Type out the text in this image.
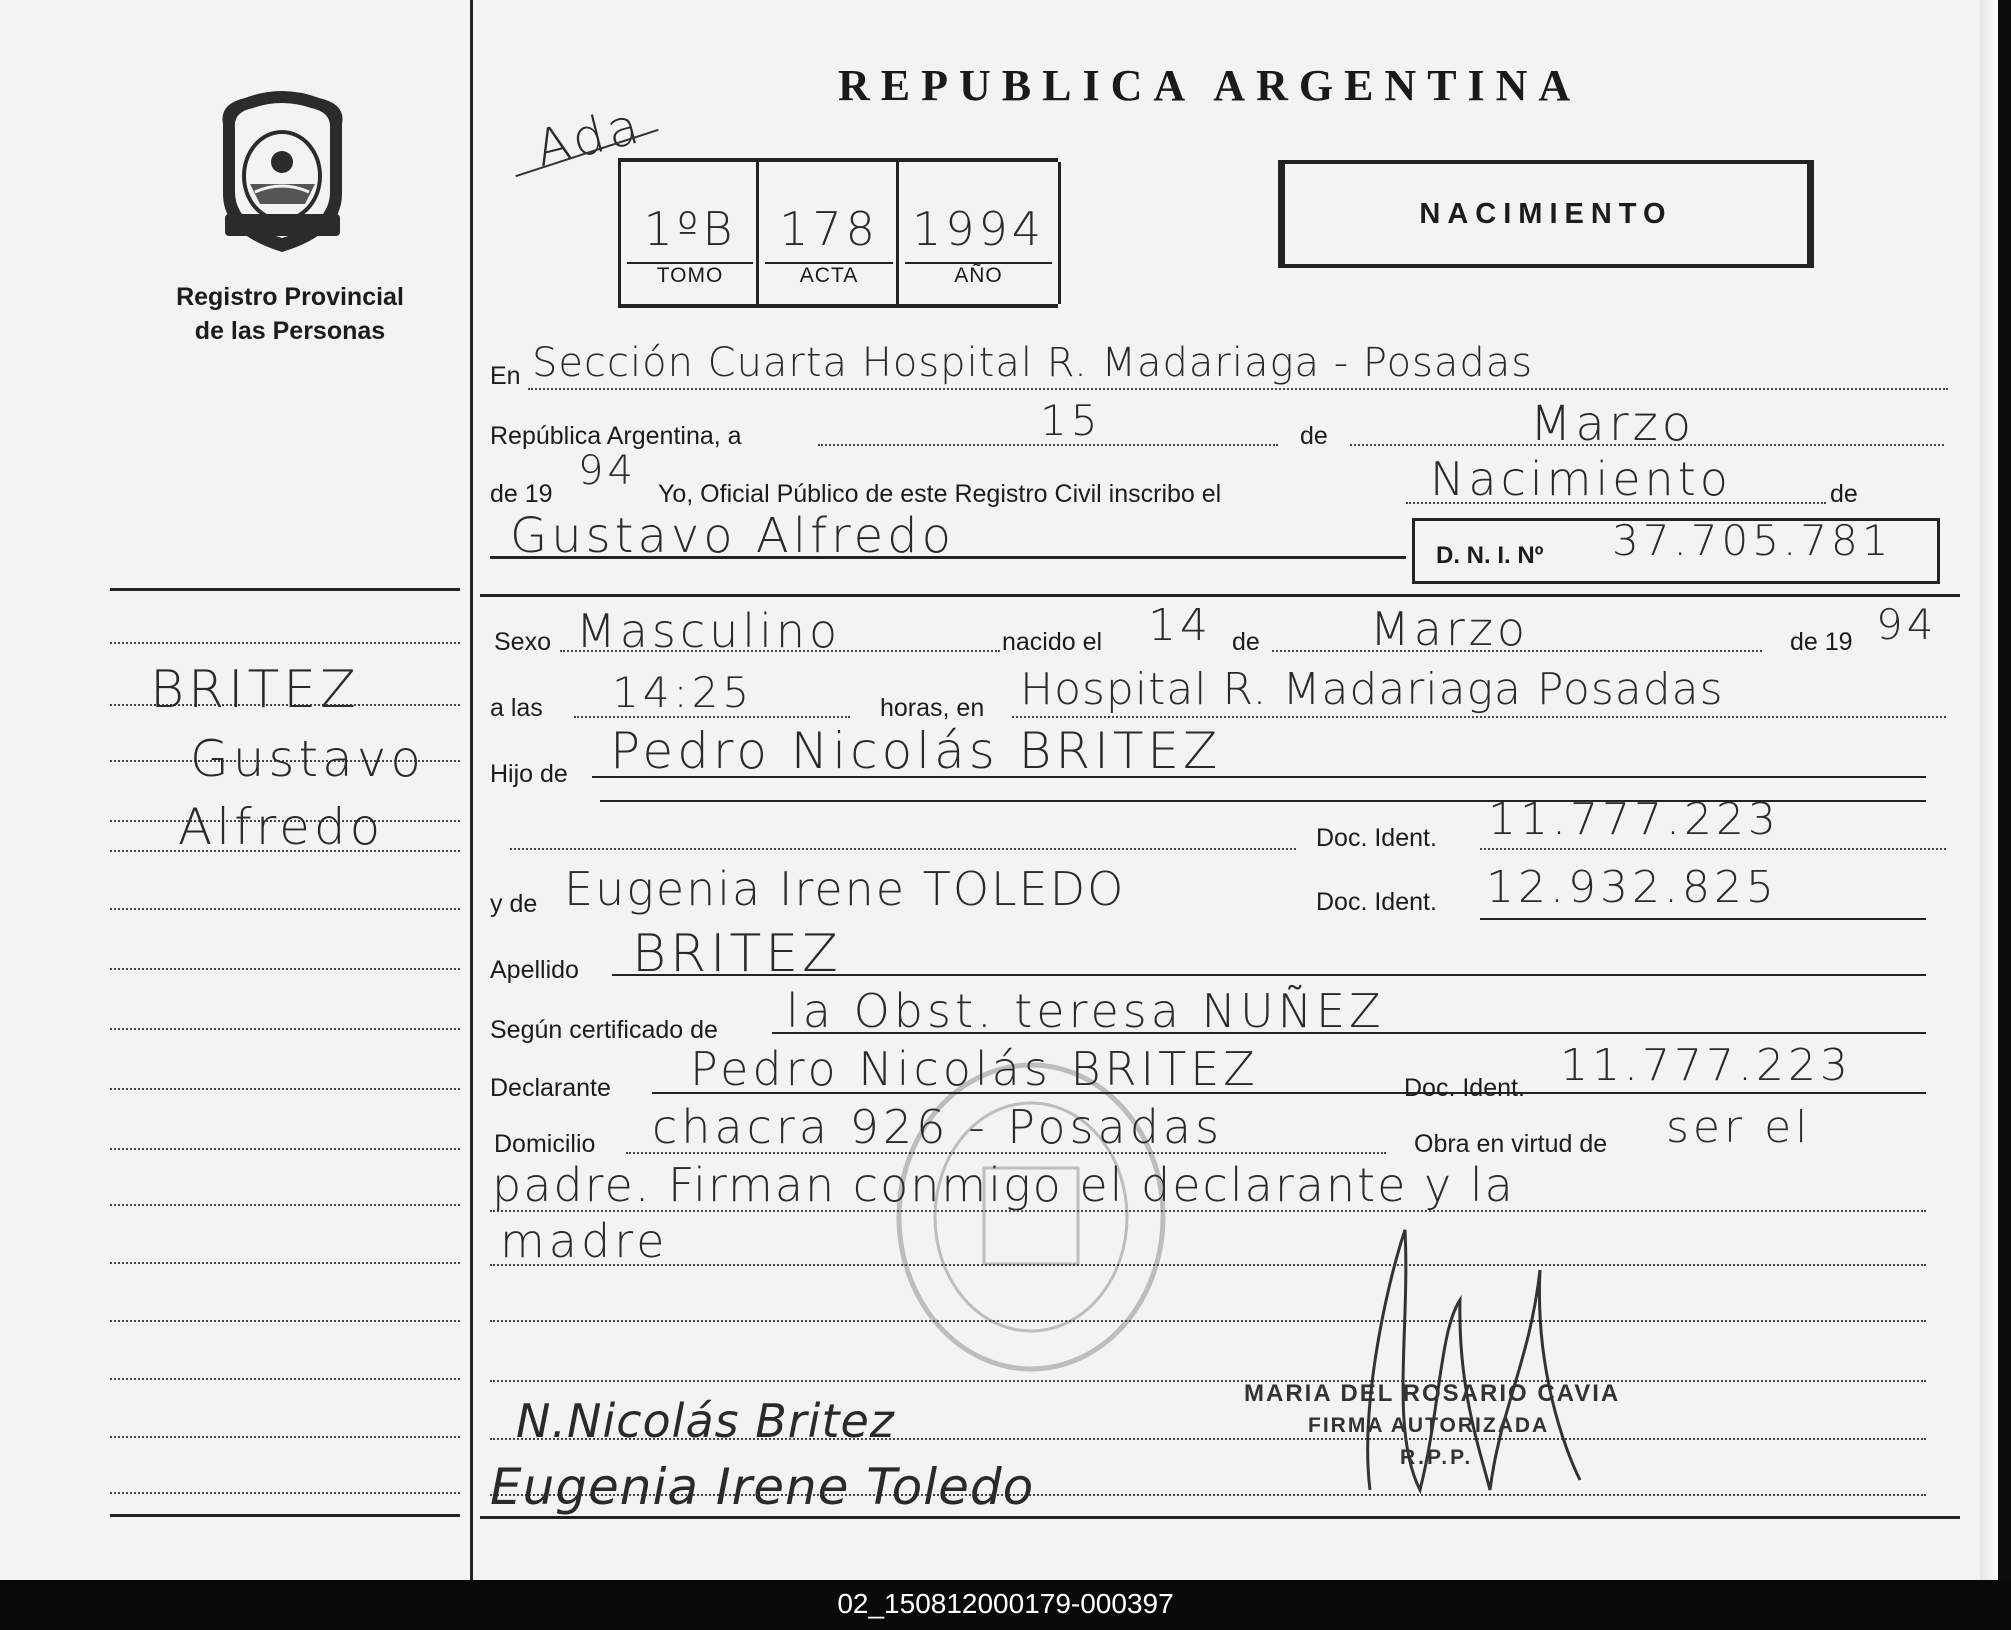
Registro Provincial
de las Personas
BRITEZ
Gustavo
Alfredo
REPUBLICA ARGENTINA
Ada
1ºB
TOMO
178
ACTA
1994
AÑO
NACIMIENTO
En Sección Cuarta Hospital R. Madariaga - Posadas
República Argentina, a	15	de	Marzo
de 19 94 Yo, Oficial Público de este Registro Civil inscribo el	Nacimiento	de
Gustavo Alfredo	D. N. I. Nº 37.705.781
Sexo Masculino	nacido el 14 de Marzo	de 19 94
a las 14:25	horas, en Hospital R. Madariaga Posadas
Hijo de Pedro Nicolás BRITEZ
Doc. Ident. 11.777.223
y de Eugenia Irene TOLEDO	Doc. Ident. 12.932.825
Apellido BRITEZ
Según certificado de la Obst. teresa NUÑEZ
Declarante Pedro Nicolás BRITEZ	Doc. Ident. 11.777.223
Domicilio chacra 926 - Posadas	Obra en virtud de ser el
padre. Firman conmigo el declarante y la
madre
N.Nicolás Britez
Eugenia Irene Toledo
MARIA DEL ROSARIO CAVIA
FIRMA AUTORIZADA
R.P.P.
02_150812000179-000397
